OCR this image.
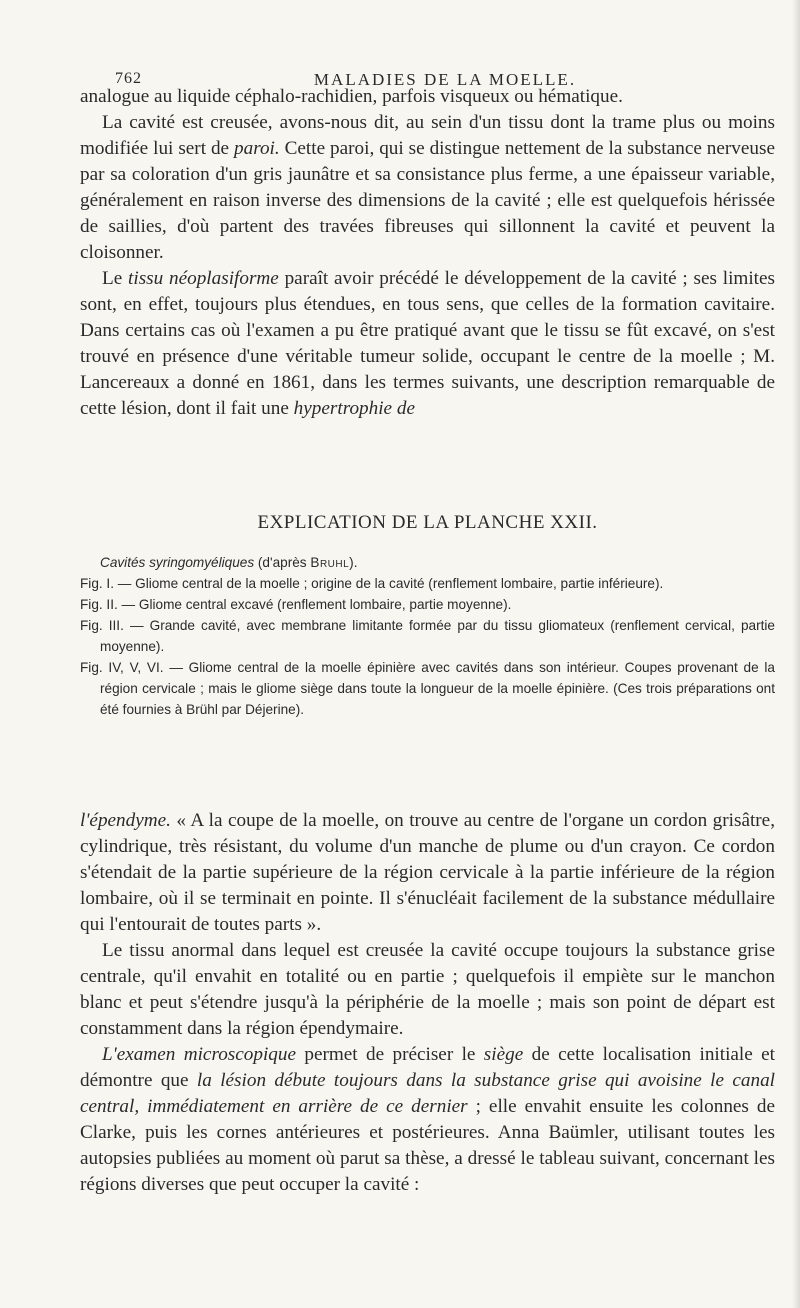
762	MALADIES DE LA MOELLE.

analogue au liquide céphalo-rachidien, parfois visqueux ou hématique.

La cavité est creusée, avons-nous dit, au sein d'un tissu dont la trame plus ou moins modifiée lui sert de paroi. Cette paroi, qui se distingue nettement de la substance nerveuse par sa coloration d'un gris jaunâtre et sa consistance plus ferme, a une épaisseur variable, généralement en raison inverse des dimensions de la cavité ; elle est quelquefois hérissée de saillies, d'où partent des travées fibreuses qui sillonnent la cavité et peuvent la cloisonner.

Le tissu néoplasiforme paraît avoir précédé le développement de la cavité ; ses limites sont, en effet, toujours plus étendues, en tous sens, que celles de la formation cavitaire. Dans certains cas où l'examen a pu être pratiqué avant que le tissu se fût excavé, on s'est trouvé en présence d'une véritable tumeur solide, occupant le centre de la moelle ; M. Lancereaux a donné en 1861, dans les termes suivants, une description remarquable de cette lésion, dont il fait une hypertrophie de

EXPLICATION DE LA PLANCHE XXII.

Cavités syringomyéliques (d'après Bruhl).

Fig. I. — Gliome central de la moelle ; origine de la cavité (renflement lombaire, partie inférieure).

Fig. II. — Gliome central excavé (renflement lombaire, partie moyenne).

Fig. III. — Grande cavité, avec membrane limitante formée par du tissu gliomateux (renflement cervical, partie moyenne).

Fig. IV, V, VI. — Gliome central de la moelle épinière avec cavités dans son intérieur. Coupes provenant de la région cervicale ; mais le gliome siège dans toute la longueur de la moelle épinière. (Ces trois préparations ont été fournies à Brühl par Déjerine).

l'épendyme. « A la coupe de la moelle, on trouve au centre de l'organe un cordon grisâtre, cylindrique, très résistant, du volume d'un manche de plume ou d'un crayon. Ce cordon s'étendait de la partie supérieure de la région cervicale à la partie inférieure de la région lombaire, où il se terminait en pointe. Il s'énucléait facilement de la substance médullaire qui l'entourait de toutes parts ».

Le tissu anormal dans lequel est creusée la cavité occupe toujours la substance grise centrale, qu'il envahit en totalité ou en partie ; quelquefois il empiète sur le manchon blanc et peut s'étendre jusqu'à la périphérie de la moelle ; mais son point de départ est constamment dans la région épendymaire.

L'examen microscopique permet de préciser le siège de cette localisation initiale et démontre que la lésion débute toujours dans la substance grise qui avoisine le canal central, immédiatement en arrière de ce dernier ; elle envahit ensuite les colonnes de Clarke, puis les cornes antérieures et postérieures. Anna Baümler, utilisant toutes les autopsies publiées au moment où parut sa thèse, a dressé le tableau suivant, concernant les régions diverses que peut occuper la cavité :
